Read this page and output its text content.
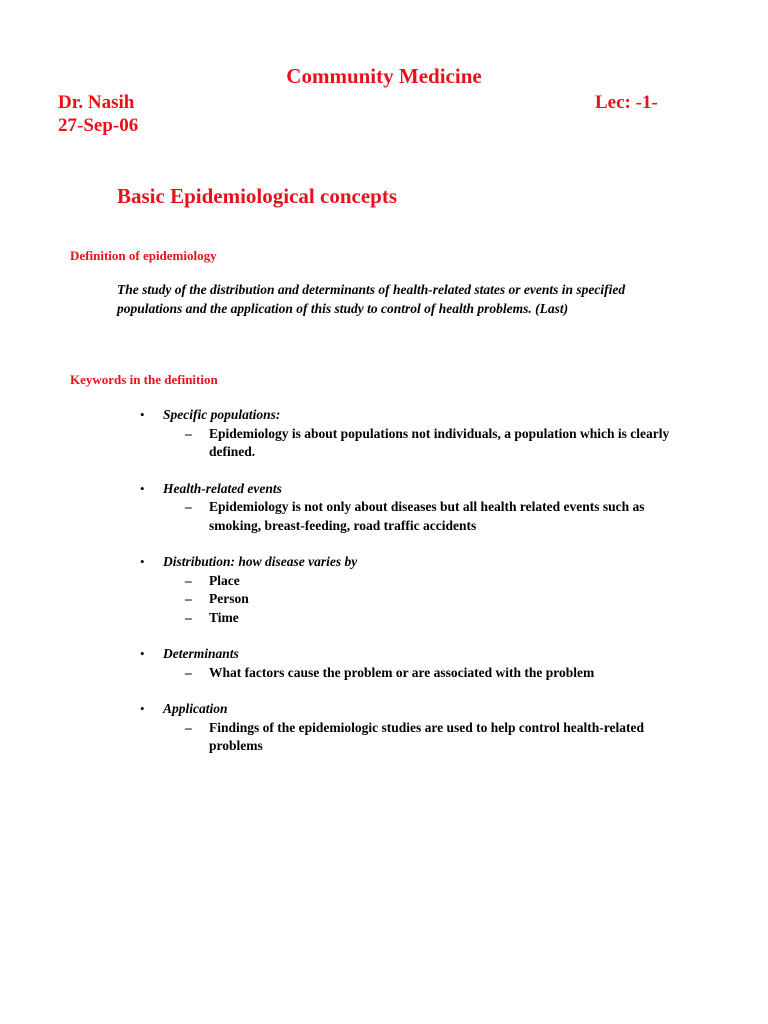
Community Medicine
Dr. Nasih	Lec: -1-
27-Sep-06
Basic Epidemiological concepts
Definition of epidemiology
The study of the distribution and determinants of health-related states or events in specified populations and the application of this study to control of health problems. (Last)
Keywords in the definition
• Specific populations:
– Epidemiology is about populations not individuals, a population which is clearly defined.
• Health-related events
– Epidemiology is not only about diseases but all health related events such as smoking, breast-feeding, road traffic accidents
• Distribution: how disease varies by
– Place
– Person
– Time
• Determinants
– What factors cause the problem or are associated with the problem
• Application
– Findings of the epidemiologic studies are used to help control health-related problems
